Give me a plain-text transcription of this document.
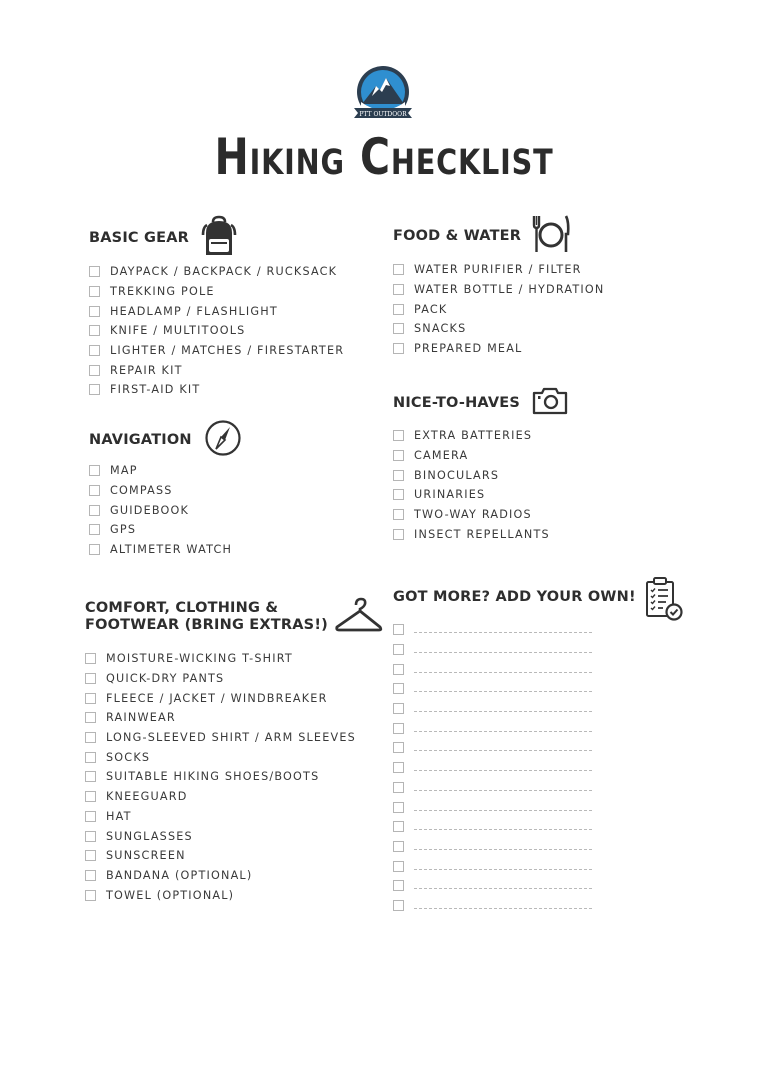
PTT OUTDOOR
Hiking Checklist
BASIC GEAR
DAYPACK / BACKPACK / RUCKSACK
TREKKING POLE
HEADLAMP / FLASHLIGHT
KNIFE / MULTITOOLS
LIGHTER / MATCHES / FIRESTARTER
REPAIR KIT
FIRST-AID KIT
NAVIGATION
MAP
COMPASS
GUIDEBOOK
GPS
ALTIMETER WATCH
COMFORT, CLOTHING &
FOOTWEAR (BRING EXTRAS!)
MOISTURE-WICKING T-SHIRT
QUICK-DRY PANTS
FLEECE / JACKET / WINDBREAKER
RAINWEAR
LONG-SLEEVED SHIRT / ARM SLEEVES
SOCKS
SUITABLE HIKING SHOES/BOOTS
KNEEGUARD
HAT
SUNGLASSES
SUNSCREEN
BANDANA (OPTIONAL)
TOWEL (OPTIONAL)
FOOD & WATER
WATER PURIFIER / FILTER
WATER BOTTLE / HYDRATION
PACK
SNACKS
PREPARED MEAL
NICE-TO-HAVES
EXTRA BATTERIES
CAMERA
BINOCULARS
URINARIES
TWO-WAY RADIOS
INSECT REPELLANTS
GOT MORE? ADD YOUR OWN!
